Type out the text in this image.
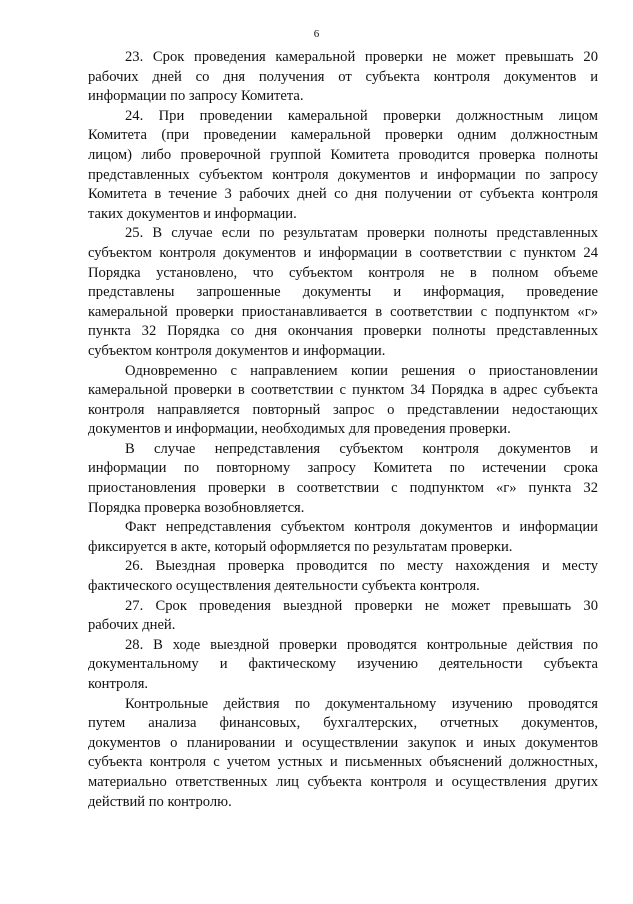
6

23. Срок проведения камеральной проверки не может превышать 20
рабочих дней со дня получения от субъекта контроля документов и
информации по запросу Комитета.

24. При проведении камеральной проверки должностным лицом
Комитета (при проведении камеральной проверки одним должностным
лицом) либо проверочной группой Комитета проводится проверка полноты
представленных субъектом контроля документов и информации по запросу
Комитета в течение 3 рабочих дней со дня получении от субъекта контроля
таких документов и информации.

25. В случае если по результатам проверки полноты представленных
субъектом контроля документов и информации в соответствии с пунктом 24
Порядка установлено, что субъектом контроля не в полном объеме
представлены запрошенные документы и информация, проведение
камеральной проверки приостанавливается в соответствии с подпунктом «г»
пункта 32 Порядка со дня окончания проверки полноты представленных
субъектом контроля документов и информации.

Одновременно с направлением копии решения о приостановлении
камеральной проверки в соответствии с пунктом 34 Порядка в адрес субъекта
контроля направляется повторный запрос о представлении недостающих
документов и информации, необходимых для проведения проверки.

В случае непредставления субъектом контроля документов и
информации по повторному запросу Комитета по истечении срока
приостановления проверки в соответствии с подпунктом «г» пункта 32
Порядка проверка возобновляется.

Факт непредставления субъектом контроля документов и информации
фиксируется в акте, который оформляется по результатам проверки.

26. Выездная проверка проводится по месту нахождения и месту
фактического осуществления деятельности субъекта контроля.

27. Срок проведения выездной проверки не может превышать 30
рабочих дней.

28. В ходе выездной проверки проводятся контрольные действия по
документальному и фактическому изучению деятельности субъекта
контроля.

Контрольные действия по документальному изучению проводятся
путем анализа финансовых, бухгалтерских, отчетных документов,
документов о планировании и осуществлении закупок и иных документов
субъекта контроля с учетом устных и письменных объяснений должностных,
материально ответственных лиц субъекта контроля и осуществления других
действий по контролю.
